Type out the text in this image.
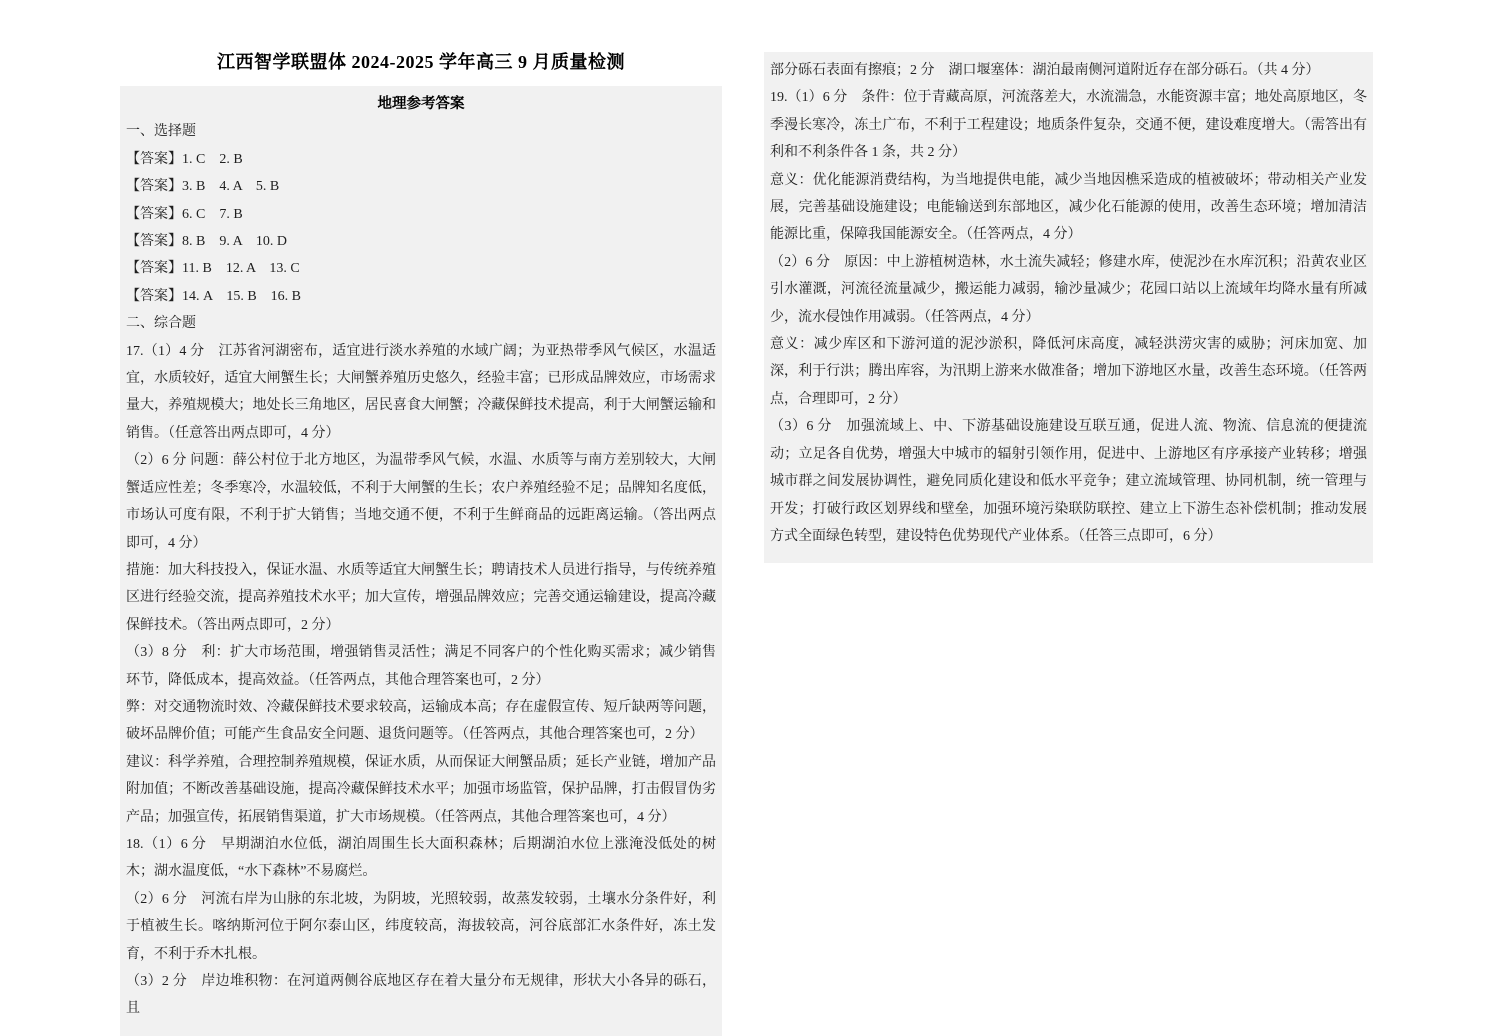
江西智学联盟体 2024-2025 学年高三 9 月质量检测
地理参考答案

一、选择题

【答案】1. C　2. B

【答案】3. B　4. A　5. B

【答案】6. C　7. B

【答案】8. B　9. A　10. D

【答案】11. B　12. A　13. C

【答案】14. A　15. B　16. B

二、综合题

17.（1）4 分　江苏省河湖密布，适宜进行淡水养殖的水域广阔；为亚热带季风气候区，水温适宜，水质较好，适宜大闸蟹生长；大闸蟹养殖历史悠久，经验丰富；已形成品牌效应，市场需求量大，养殖规模大；地处长三角地区，居民喜食大闸蟹；冷藏保鲜技术提高，利于大闸蟹运输和销售。（任意答出两点即可，4 分）

（2）6 分 问题：薛公村位于北方地区，为温带季风气候，水温、水质等与南方差别较大，大闸蟹适应性差；冬季寒冷，水温较低，不利于大闸蟹的生长；农户养殖经验不足；品牌知名度低，市场认可度有限，不利于扩大销售；当地交通不便，不利于生鲜商品的远距离运输。（答出两点即可，4 分）

措施：加大科技投入，保证水温、水质等适宜大闸蟹生长；聘请技术人员进行指导，与传统养殖区进行经验交流，提高养殖技术水平；加大宣传，增强品牌效应；完善交通运输建设，提高冷藏保鲜技术。（答出两点即可，2 分）

（3）8 分　利：扩大市场范围，增强销售灵活性；满足不同客户的个性化购买需求；减少销售环节，降低成本，提高效益。（任答两点，其他合理答案也可，2 分）

弊：对交通物流时效、冷藏保鲜技术要求较高，运输成本高；存在虚假宣传、短斤缺两等问题，破坏品牌价值；可能产生食品安全问题、退货问题等。（任答两点，其他合理答案也可，2 分）

建议：科学养殖，合理控制养殖规模，保证水质，从而保证大闸蟹品质；延长产业链，增加产品附加值；不断改善基础设施，提高冷藏保鲜技术水平；加强市场监管，保护品牌，打击假冒伪劣产品；加强宣传，拓展销售渠道，扩大市场规模。（任答两点，其他合理答案也可，4 分）

18.（1）6 分　早期湖泊水位低，湖泊周围生长大面积森林；后期湖泊水位上涨淹没低处的树木；湖水温度低，“水下森林”不易腐烂。

（2）6 分　河流右岸为山脉的东北坡，为阴坡，光照较弱，故蒸发较弱，土壤水分条件好，利于植被生长。喀纳斯河位于阿尔泰山区，纬度较高，海拔较高，河谷底部汇水条件好，冻土发育，不利于乔木扎根。

（3）2 分　岸边堆积物：在河道两侧谷底地区存在着大量分布无规律，形状大小各异的砾石，且

部分砾石表面有擦痕；2 分　湖口堰塞体：湖泊最南侧河道附近存在部分砾石。（共 4 分）

19.（1）6 分　条件：位于青藏高原，河流落差大，水流湍急，水能资源丰富；地处高原地区，冬季漫长寒冷，冻土广布，不利于工程建设；地质条件复杂，交通不便，建设难度增大。（需答出有利和不利条件各 1 条，共 2 分）

意义：优化能源消费结构，为当地提供电能，减少当地因樵采造成的植被破坏；带动相关产业发展，完善基础设施建设；电能输送到东部地区，减少化石能源的使用，改善生态环境；增加清洁能源比重，保障我国能源安全。（任答两点，4 分）

（2）6 分　原因：中上游植树造林，水土流失减轻；修建水库，使泥沙在水库沉积；沿黄农业区引水灌溉，河流径流量减少，搬运能力减弱，输沙量减少；花园口站以上流域年均降水量有所减少，流水侵蚀作用减弱。（任答两点，4 分）

意义：减少库区和下游河道的泥沙淤积，降低河床高度，减轻洪涝灾害的威胁；河床加宽、加深，利于行洪；腾出库容，为汛期上游来水做准备；增加下游地区水量，改善生态环境。（任答两点，合理即可，2 分）

（3）6 分　加强流域上、中、下游基础设施建设互联互通，促进人流、物流、信息流的便捷流动；立足各自优势，增强大中城市的辐射引领作用，促进中、上游地区有序承接产业转移；增强城市群之间发展协调性，避免同质化建设和低水平竞争；建立流域管理、协同机制，统一管理与开发；打破行政区划界线和壁垒，加强环境污染联防联控、建立上下游生态补偿机制；推动发展方式全面绿色转型，建设特色优势现代产业体系。（任答三点即可，6 分）
